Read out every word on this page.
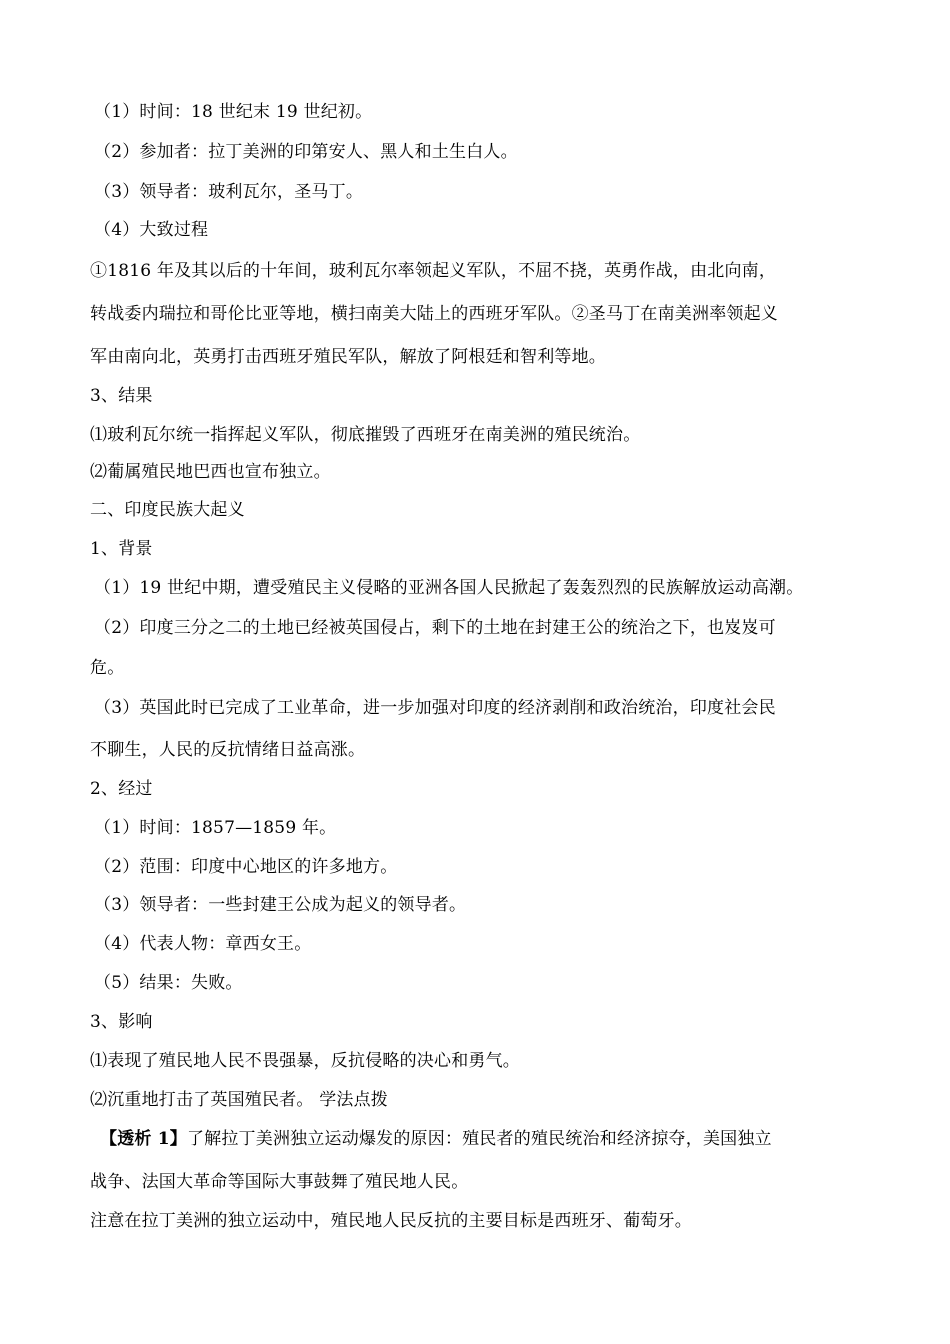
（1）时间：18 世纪末 19 世纪初。
（2）参加者：拉丁美洲的印第安人、黑人和土生白人。
（3）领导者：玻利瓦尔，圣马丁。
（4）大致过程
①1816 年及其以后的十年间，玻利瓦尔率领起义军队，不屈不挠，英勇作战，由北向南，
转战委内瑞拉和哥伦比亚等地，横扫南美大陆上的西班牙军队。②圣马丁在南美洲率领起义
军由南向北，英勇打击西班牙殖民军队，解放了阿根廷和智利等地。
3、结果
⑴玻利瓦尔统一指挥起义军队，彻底摧毁了西班牙在南美洲的殖民统治。
⑵葡属殖民地巴西也宣布独立。
二、印度民族大起义
1、背景
（1）19 世纪中期，遭受殖民主义侵略的亚洲各国人民掀起了轰轰烈烈的民族解放运动高潮。
（2）印度三分之二的土地已经被英国侵占，剩下的土地在封建王公的统治之下，也岌岌可
危。
（3）英国此时已完成了工业革命，进一步加强对印度的经济剥削和政治统治，印度社会民
不聊生，人民的反抗情绪日益高涨。
2、经过
（1）时间：1857—1859 年。
（2）范围：印度中心地区的许多地方。
（3）领导者：一些封建王公成为起义的领导者。
（4）代表人物：章西女王。
（5）结果：失败。
3、影响
⑴表现了殖民地人民不畏强暴，反抗侵略的决心和勇气。
⑵沉重地打击了英国殖民者。 学法点拨
【透析 1】了解拉丁美洲独立运动爆发的原因：殖民者的殖民统治和经济掠夺，美国独立
战争、法国大革命等国际大事鼓舞了殖民地人民。
注意在拉丁美洲的独立运动中，殖民地人民反抗的主要目标是西班牙、葡萄牙。
